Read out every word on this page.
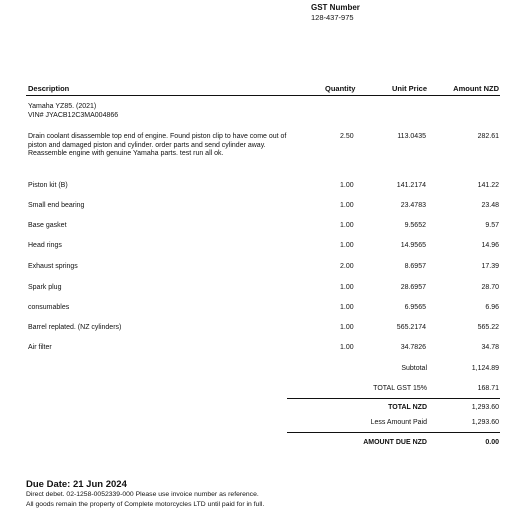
GST Number
128-437-975
Description	Quantity	Unit Price	Amount NZD
Yamaha YZ85. (2021)
VIN# JYACB12C3MA004866
Drain coolant disassemble top end of engine. Found piston clip to have come out of piston and damaged piston and cylinder. order parts and send cylinder away. Reassemble engine with genuine Yamaha parts. test run all ok.
2.50	113.0435	282.61
Piston kit (B)	1.00	141.2174	141.22
Small end bearing	1.00	23.4783	23.48
Base gasket	1.00	9.5652	9.57
Head rings	1.00	14.9565	14.96
Exhaust springs	2.00	8.6957	17.39
Spark plug	1.00	28.6957	28.70
consumables	1.00	6.9565	6.96
Barrel replated. (NZ cylinders)	1.00	565.2174	565.22
Air filter	1.00	34.7826	34.78
Subtotal	1,124.89
TOTAL GST 15%	168.71
TOTAL NZD	1,293.60
Less Amount Paid	1,293.60
AMOUNT DUE NZD	0.00
Due Date: 21 Jun 2024
Direct debet. 02-1258-0052339-000 Please use invoice number as reference.
All goods remain the property of Complete motorcycles LTD until paid for in full.
